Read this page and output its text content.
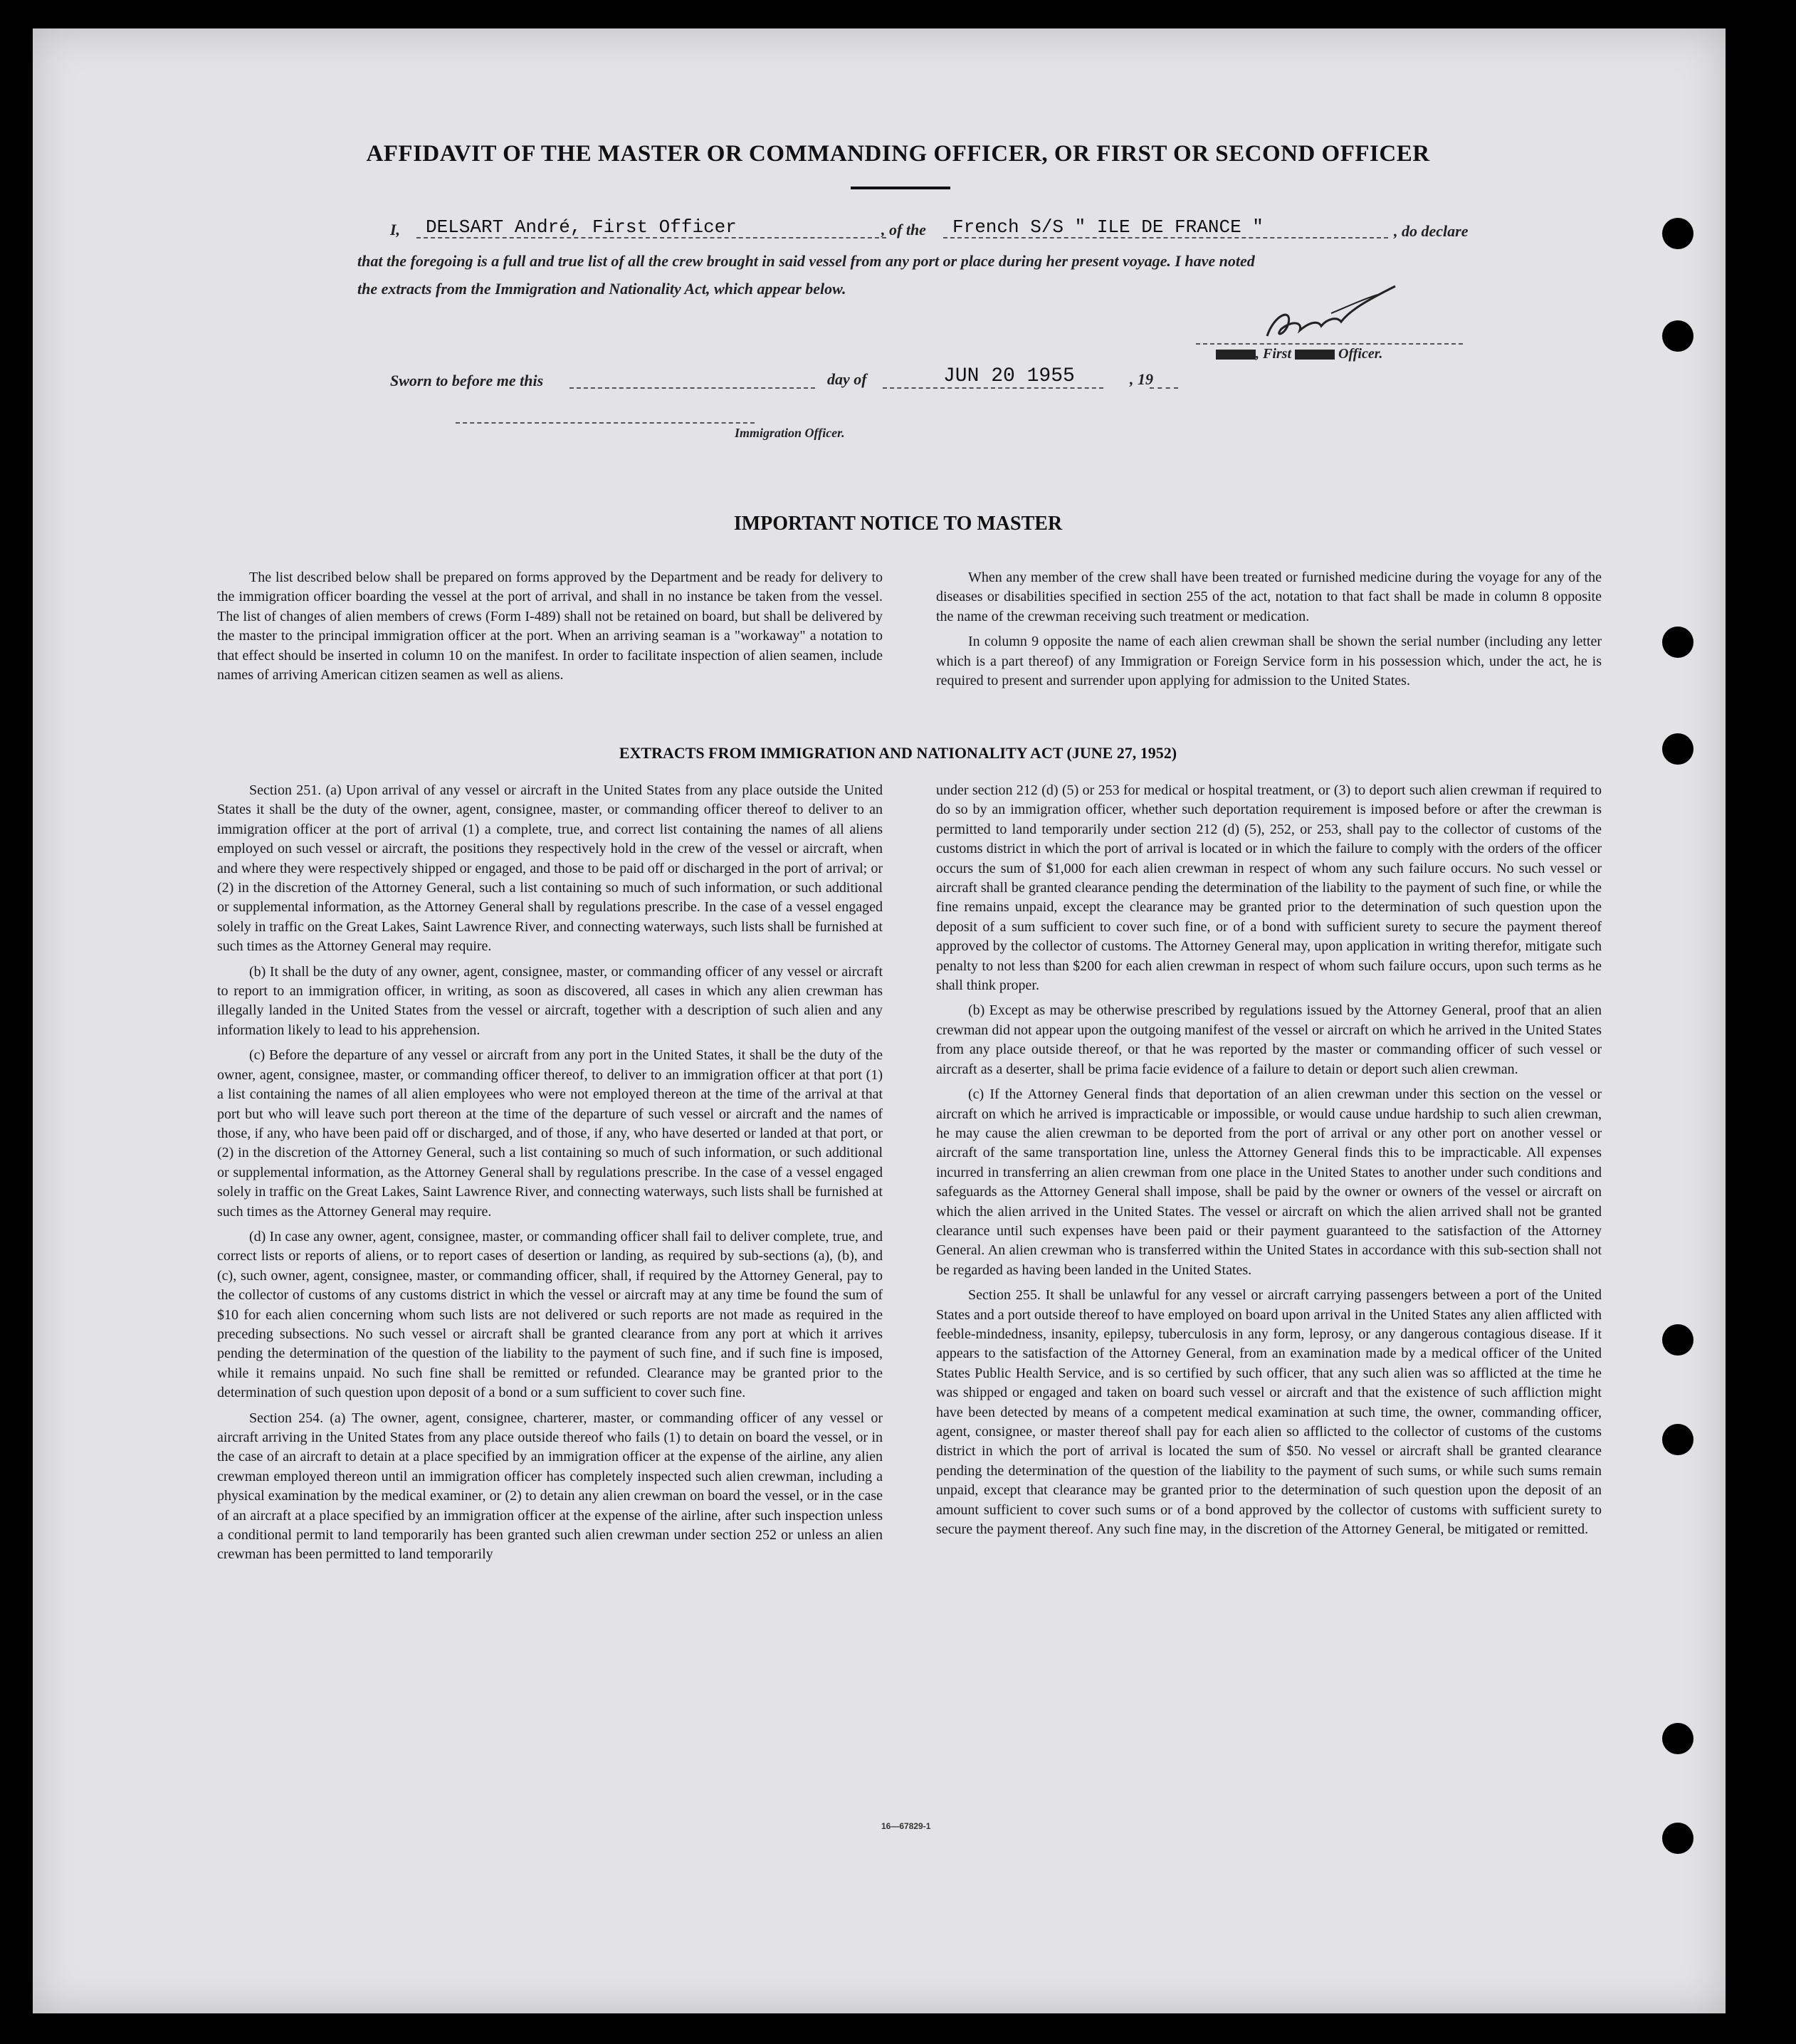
AFFIDAVIT OF THE MASTER OR COMMANDING OFFICER, OR FIRST OR SECOND OFFICER
I, DELSART André, First Officer	, of the French S/S " ILE DE FRANCE "	, do declare
that the foregoing is a full and true list of all the crew brought in said vessel from any port or place during her present voyage. I have noted
the extracts from the Immigration and Nationality Act, which appear below.
, First	Officer.
Sworn to before me this	day of	JUN 20 1955	, 19
Immigration Officer.
IMPORTANT NOTICE TO MASTER

The list described below shall be prepared on forms approved by the Department and be ready for delivery to the immigration officer boarding the vessel at the port of arrival, and shall in no instance be taken from the vessel. The list of changes of alien members of crews (Form I-489) shall not be retained on board, but shall be delivered by the master to the principal immigration officer at the port. When an arriving seaman is a "workaway" a notation to that effect should be inserted in column 10 on the manifest. In order to facilitate inspection of alien seamen, include names of arriving American citizen seamen as well as aliens.

When any member of the crew shall have been treated or furnished medicine during the voyage for any of the diseases or disabilities specified in section 255 of the act, notation to that fact shall be made in column 8 opposite the name of the crewman receiving such treatment or medication.

In column 9 opposite the name of each alien crewman shall be shown the serial number (including any letter which is a part thereof) of any Immigration or Foreign Service form in his possession which, under the act, he is required to present and surrender upon applying for admission to the United States.

EXTRACTS FROM IMMIGRATION AND NATIONALITY ACT (JUNE 27, 1952)

Section 251. (a) Upon arrival of any vessel or aircraft in the United States from any place outside the United States it shall be the duty of the owner, agent, consignee, master, or commanding officer thereof to deliver to an immigration officer at the port of arrival (1) a complete, true, and correct list containing the names of all aliens employed on such vessel or aircraft, the positions they respectively hold in the crew of the vessel or aircraft, when and where they were respectively shipped or engaged, and those to be paid off or discharged in the port of arrival; or (2) in the discretion of the Attorney General, such a list containing so much of such information, or such additional or supplemental information, as the Attorney General shall by regulations prescribe. In the case of a vessel engaged solely in traffic on the Great Lakes, Saint Lawrence River, and connecting waterways, such lists shall be furnished at such times as the Attorney General may require.

(b) It shall be the duty of any owner, agent, consignee, master, or commanding officer of any vessel or aircraft to report to an immigration officer, in writing, as soon as discovered, all cases in which any alien crewman has illegally landed in the United States from the vessel or aircraft, together with a description of such alien and any information likely to lead to his apprehension.

(c) Before the departure of any vessel or aircraft from any port in the United States, it shall be the duty of the owner, agent, consignee, master, or commanding officer thereof, to deliver to an immigration officer at that port (1) a list containing the names of all alien employees who were not employed thereon at the time of the arrival at that port but who will leave such port thereon at the time of the departure of such vessel or aircraft and the names of those, if any, who have been paid off or discharged, and of those, if any, who have deserted or landed at that port, or (2) in the discretion of the Attorney General, such a list containing so much of such information, or such additional or supplemental information, as the Attorney General shall by regulations prescribe. In the case of a vessel engaged solely in traffic on the Great Lakes, Saint Lawrence River, and connecting waterways, such lists shall be furnished at such times as the Attorney General may require.

(d) In case any owner, agent, consignee, master, or commanding officer shall fail to deliver complete, true, and correct lists or reports of aliens, or to report cases of desertion or landing, as required by sub-sections (a), (b), and (c), such owner, agent, consignee, master, or commanding officer, shall, if required by the Attorney General, pay to the collector of customs of any customs district in which the vessel or aircraft may at any time be found the sum of $10 for each alien concerning whom such lists are not delivered or such reports are not made as required in the preceding subsections. No such vessel or aircraft shall be granted clearance from any port at which it arrives pending the determination of the question of the liability to the payment of such fine, and if such fine is imposed, while it remains unpaid. No such fine shall be remitted or refunded. Clearance may be granted prior to the determination of such question upon deposit of a bond or a sum sufficient to cover such fine.

Section 254. (a) The owner, agent, consignee, charterer, master, or commanding officer of any vessel or aircraft arriving in the United States from any place outside thereof who fails (1) to detain on board the vessel, or in the case of an aircraft to detain at a place specified by an immigration officer at the expense of the airline, any alien crewman employed thereon until an immigration officer has completely inspected such alien crewman, including a physical examination by the medical examiner, or (2) to detain any alien crewman on board the vessel, or in the case of an aircraft at a place specified by an immigration officer at the expense of the airline, after such inspection unless a conditional permit to land temporarily has been granted such alien crewman under section 252 or unless an alien crewman has been permitted to land temporarily

under section 212 (d) (5) or 253 for medical or hospital treatment, or (3) to deport such alien crewman if required to do so by an immigration officer, whether such deportation requirement is imposed before or after the crewman is permitted to land temporarily under section 212 (d) (5), 252, or 253, shall pay to the collector of customs of the customs district in which the port of arrival is located or in which the failure to comply with the orders of the officer occurs the sum of $1,000 for each alien crewman in respect of whom any such failure occurs. No such vessel or aircraft shall be granted clearance pending the determination of the liability to the payment of such fine, or while the fine remains unpaid, except the clearance may be granted prior to the determination of such question upon the deposit of a sum sufficient to cover such fine, or of a bond with sufficient surety to secure the payment thereof approved by the collector of customs. The Attorney General may, upon application in writing therefor, mitigate such penalty to not less than $200 for each alien crewman in respect of whom such failure occurs, upon such terms as he shall think proper.

(b) Except as may be otherwise prescribed by regulations issued by the Attorney General, proof that an alien crewman did not appear upon the outgoing manifest of the vessel or aircraft on which he arrived in the United States from any place outside thereof, or that he was reported by the master or commanding officer of such vessel or aircraft as a deserter, shall be prima facie evidence of a failure to detain or deport such alien crewman.

(c) If the Attorney General finds that deportation of an alien crewman under this section on the vessel or aircraft on which he arrived is impracticable or impossible, or would cause undue hardship to such alien crewman, he may cause the alien crewman to be deported from the port of arrival or any other port on another vessel or aircraft of the same transportation line, unless the Attorney General finds this to be impracticable. All expenses incurred in transferring an alien crewman from one place in the United States to another under such conditions and safeguards as the Attorney General shall impose, shall be paid by the owner or owners of the vessel or aircraft on which the alien arrived in the United States. The vessel or aircraft on which the alien arrived shall not be granted clearance until such expenses have been paid or their payment guaranteed to the satisfaction of the Attorney General. An alien crewman who is transferred within the United States in accordance with this sub-section shall not be regarded as having been landed in the United States.

Section 255. It shall be unlawful for any vessel or aircraft carrying passengers between a port of the United States and a port outside thereof to have employed on board upon arrival in the United States any alien afflicted with feeble-mindedness, insanity, epilepsy, tuberculosis in any form, leprosy, or any dangerous contagious disease. If it appears to the satisfaction of the Attorney General, from an examination made by a medical officer of the United States Public Health Service, and is so certified by such officer, that any such alien was so afflicted at the time he was shipped or engaged and taken on board such vessel or aircraft and that the existence of such affliction might have been detected by means of a competent medical examination at such time, the owner, commanding officer, agent, consignee, or master thereof shall pay for each alien so afflicted to the collector of customs of the customs district in which the port of arrival is located the sum of $50. No vessel or aircraft shall be granted clearance pending the determination of the question of the liability to the payment of such sums, or while such sums remain unpaid, except that clearance may be granted prior to the determination of such question upon the deposit of an amount sufficient to cover such sums or of a bond approved by the collector of customs with sufficient surety to secure the payment thereof. Any such fine may, in the discretion of the Attorney General, be mitigated or remitted.

16—67829-1
